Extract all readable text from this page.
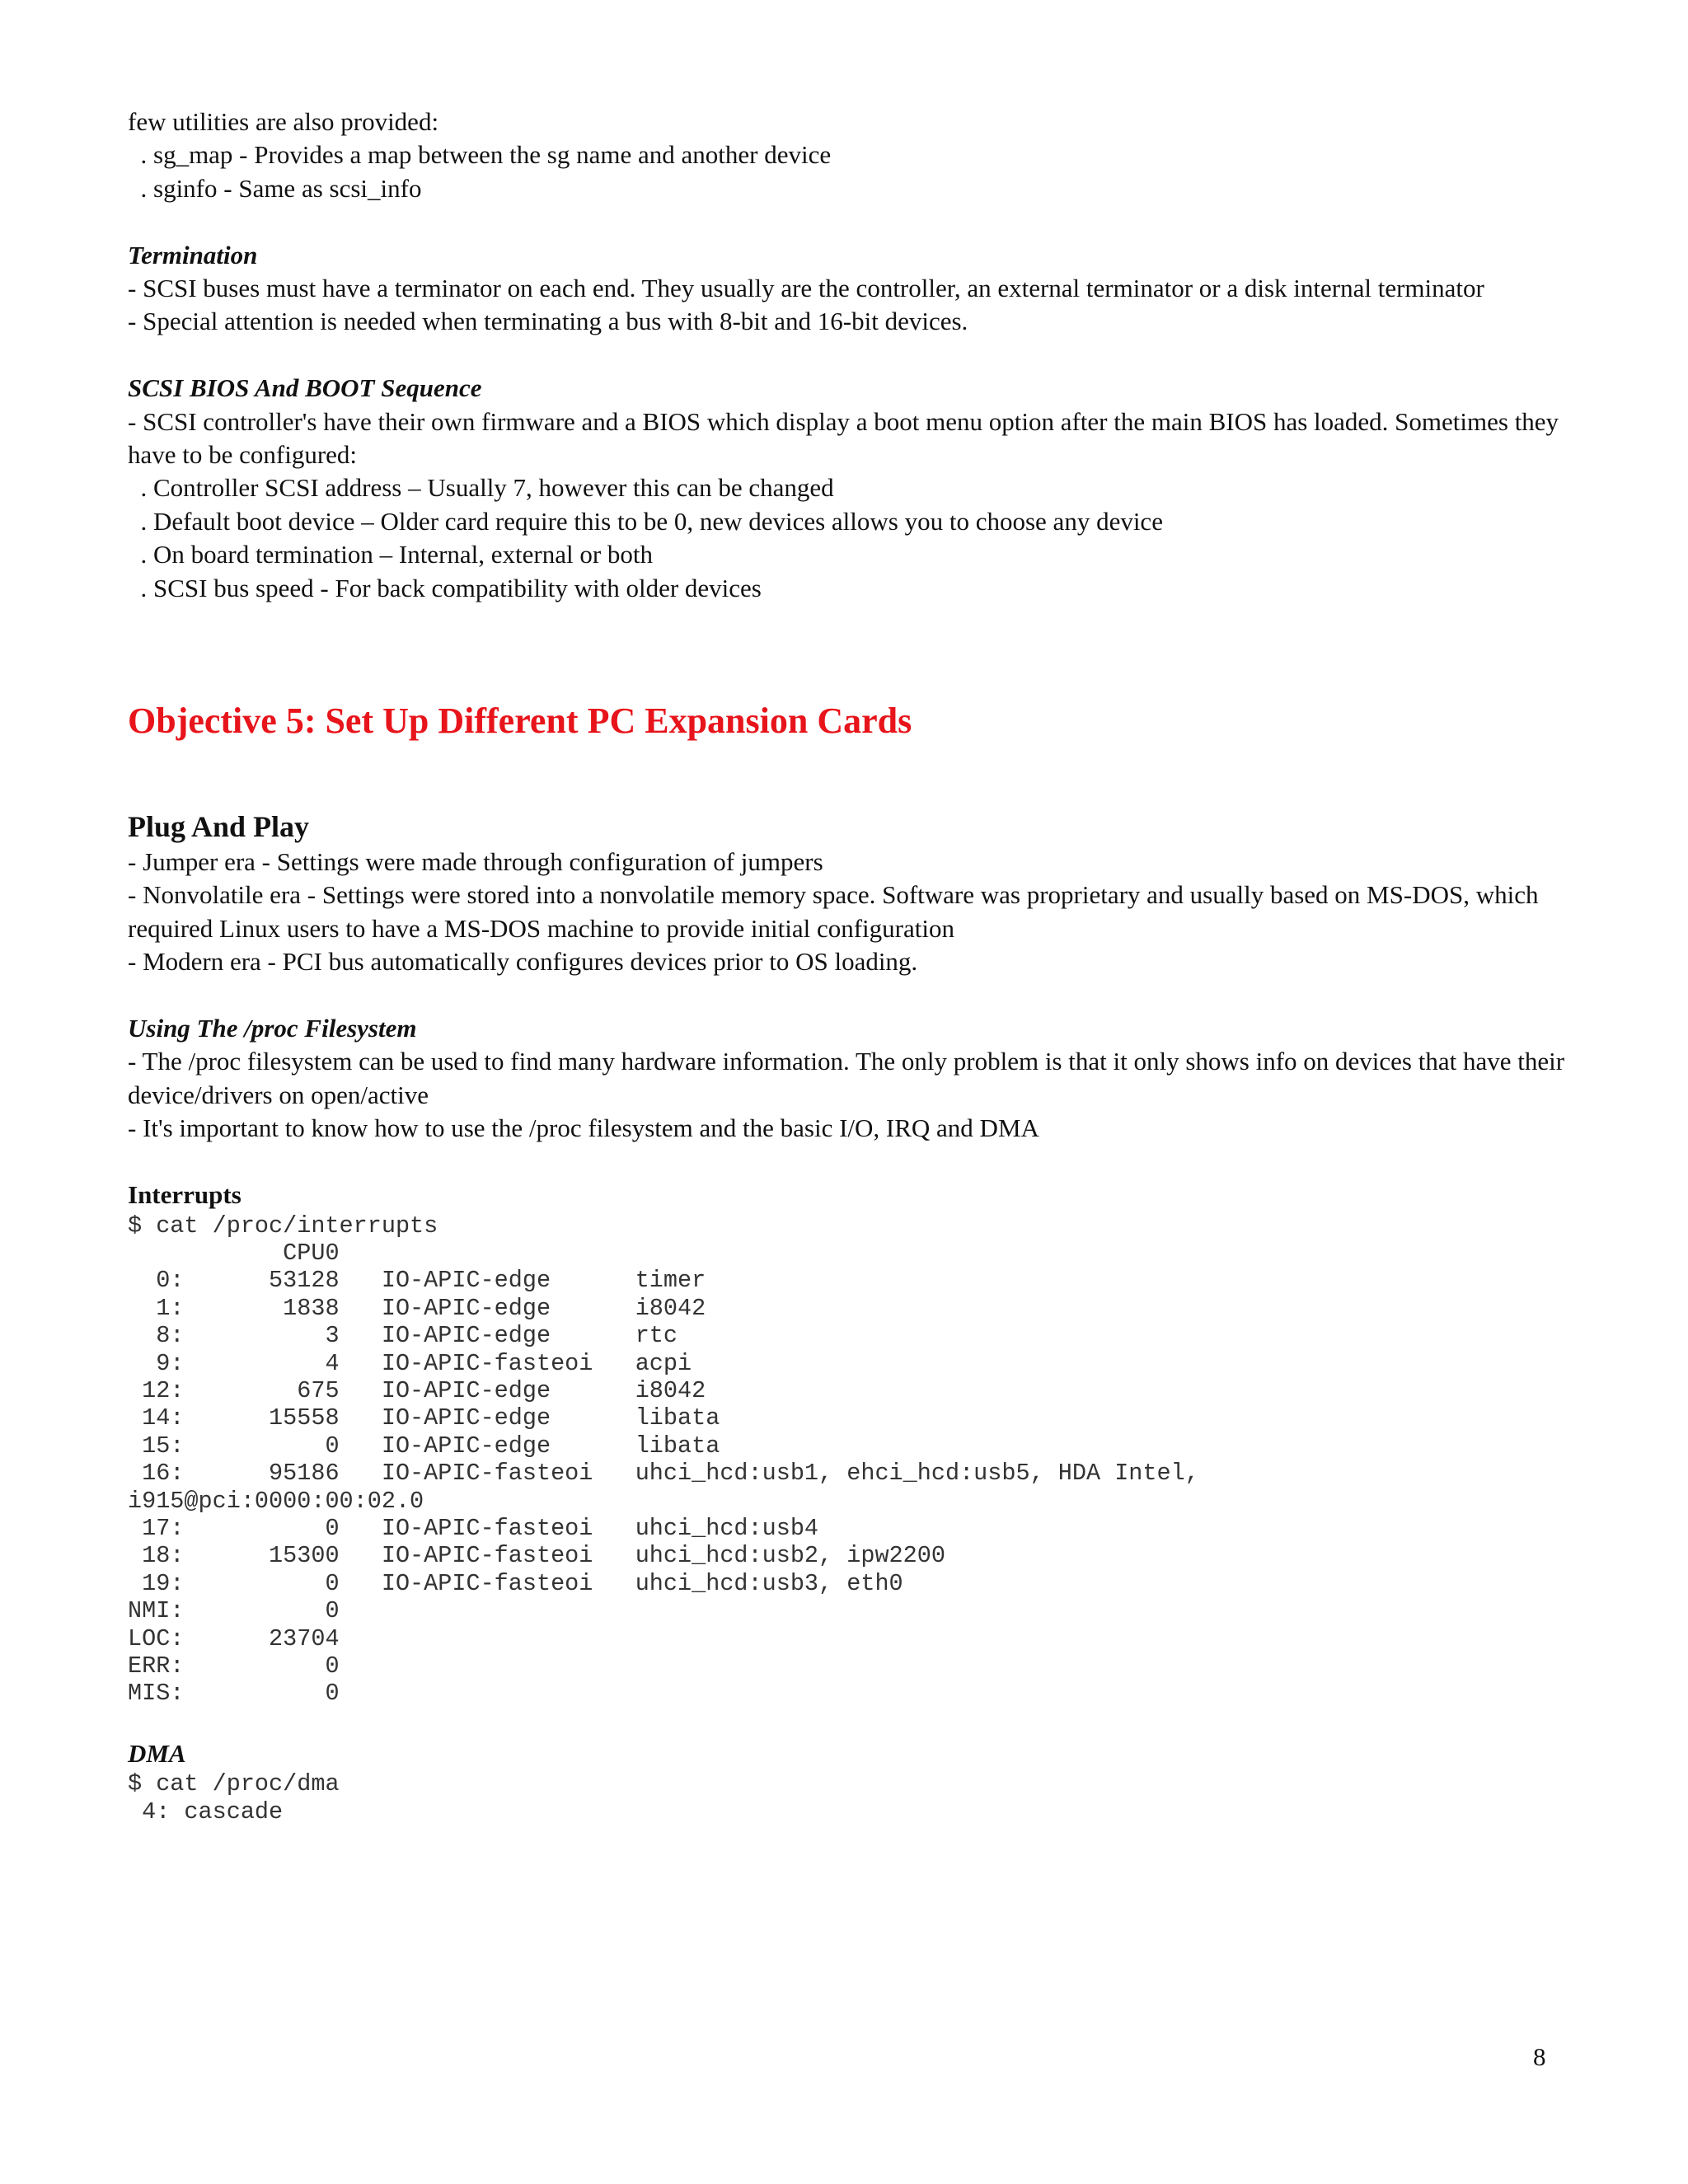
few utilities are also provided:

. sg_map - Provides a map between the sg name and another device

. sginfo - Same as scsi_info

Termination

- SCSI buses must have a terminator on each end. They usually are the controller, an external terminator or a disk internal terminator

- Special attention is needed when terminating a bus with 8-bit and 16-bit devices.

SCSI BIOS And BOOT Sequence

- SCSI controller's have their own firmware and a BIOS which display a boot menu option after the main BIOS has loaded. Sometimes they have to be configured:

. Controller SCSI address – Usually 7, however this can be changed

. Default boot device – Older card require this to be 0, new devices allows you to choose any device

. On board termination – Internal, external or both

. SCSI bus speed - For back compatibility with older devices

Objective 5: Set Up Different PC Expansion Cards

Plug And Play

- Jumper era - Settings were made through configuration of jumpers

- Nonvolatile era - Settings were stored into a nonvolatile memory space. Software was proprietary and usually based on MS-DOS, which required Linux users to have a MS-DOS machine to provide initial configuration

- Modern era - PCI bus automatically configures devices prior to OS loading.

Using The /proc Filesystem

- The /proc filesystem can be used to find many hardware information. The only problem is that it only shows info on devices that have their device/drivers on open/active

- It's important to know how to use the /proc filesystem and the basic I/O, IRQ and DMA

Interrupts

$ cat /proc/interrupts
CPU0
0:      53128   IO-APIC-edge      timer
1:       1838   IO-APIC-edge      i8042
8:          3   IO-APIC-edge      rtc
9:          4   IO-APIC-fasteoi   acpi
12:        675   IO-APIC-edge      i8042
14:      15558   IO-APIC-edge      libata
15:          0   IO-APIC-edge      libata
16:      95186   IO-APIC-fasteoi   uhci_hcd:usb1, ehci_hcd:usb5, HDA Intel,
i915@pci:0000:00:02.0
17:          0   IO-APIC-fasteoi   uhci_hcd:usb4
18:      15300   IO-APIC-fasteoi   uhci_hcd:usb2, ipw2200
19:          0   IO-APIC-fasteoi   uhci_hcd:usb3, eth0
NMI:          0
LOC:      23704
ERR:          0
MIS:          0

DMA

$ cat /proc/dma
4: cascade
8
